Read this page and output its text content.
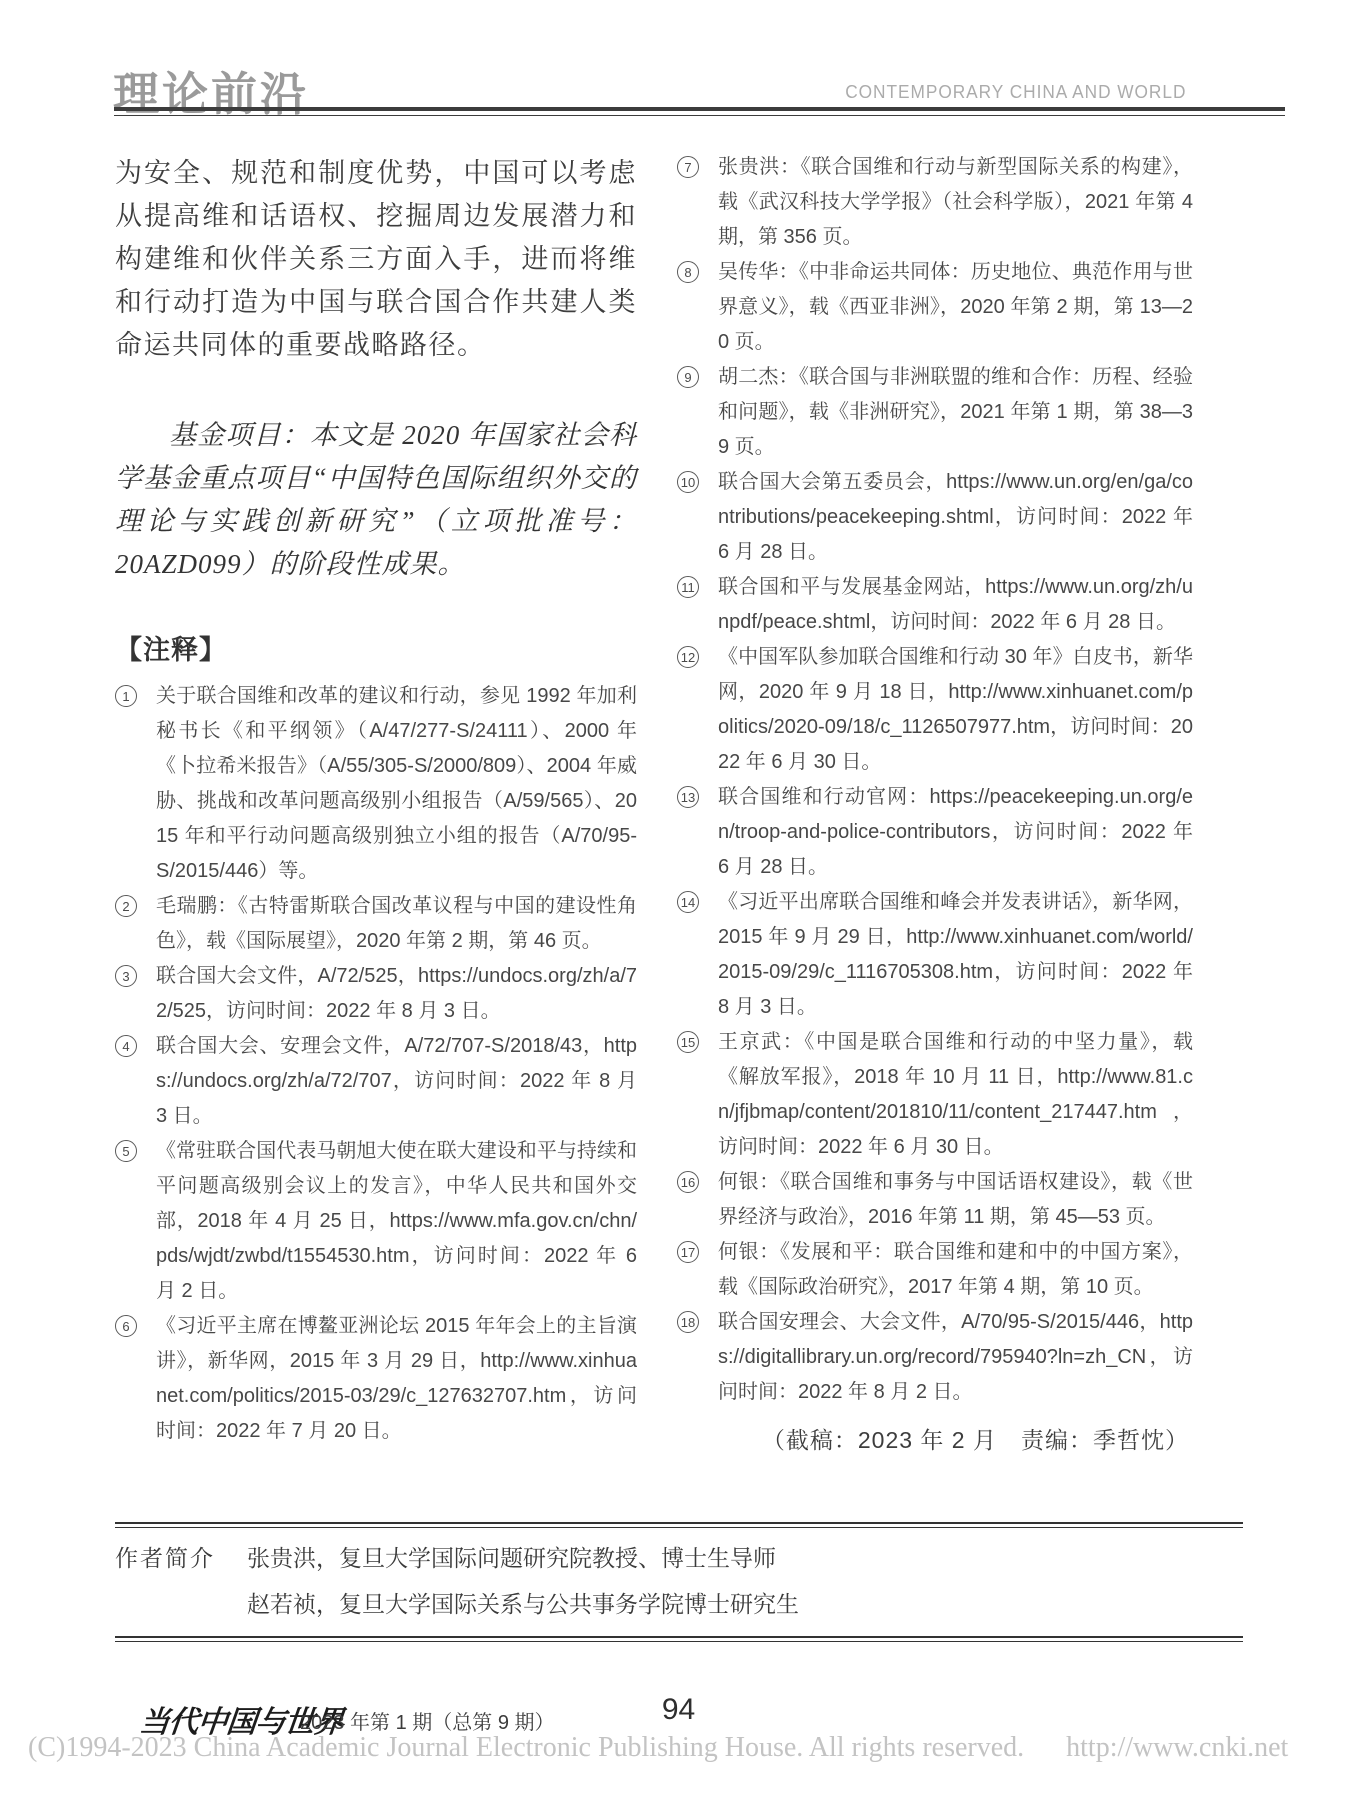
理论前沿	CONTEMPORARY CHINA AND WORLD

为安全、规范和制度优势，中国可以考虑从提高维和话语权、挖掘周边发展潜力和构建维和伙伴关系三方面入手，进而将维和行动打造为中国与联合国合作共建人类命运共同体的重要战略路径。

基金项目：本文是 2020 年国家社会科学基金重点项目“中国特色国际组织外交的理论与实践创新研究”（立项批准号：20AZD099）的阶段性成果。

【注释】
1	关于联合国维和改革的建议和行动，参见 1992 年加利秘书长《和平纲领》（A/47/277-S/24111）、2000 年《卜拉希米报告》（A/55/305-S/2000/809）、2004 年威胁、挑战和改革问题高级别小组报告（A/59/565）、2015 年和平行动问题高级别独立小组的报告（A/70/95-S/2015/446）等。
2	毛瑞鹏：《古特雷斯联合国改革议程与中国的建设性角色》，载《国际展望》，2020 年第 2 期，第 46 页。
3	联合国大会文件，A/72/525，https://undocs.org/zh/a/72/525，访问时间：2022 年 8 月 3 日。
4	联合国大会、安理会文件，A/72/707-S/2018/43，https://undocs.org/zh/a/72/707，访问时间：2022 年 8 月 3 日。
5	《常驻联合国代表马朝旭大使在联大建设和平与持续和平问题高级别会议上的发言》，中华人民共和国外交部，2018 年 4 月 25 日，https://www.mfa.gov.cn/chn/pds/wjdt/zwbd/t1554530.htm，访问时间：2022 年 6 月 2 日。
6	《习近平主席在博鳌亚洲论坛 2015 年年会上的主旨演讲》，新华网，2015 年 3 月 29 日，http://www.xinhuanet.com/politics/2015-03/29/c_127632707.htm，访问时间：2022 年 7 月 20 日。
7	张贵洪：《联合国维和行动与新型国际关系的构建》，载《武汉科技大学学报》（社会科学版），2021 年第 4 期，第 356 页。
8	吴传华：《中非命运共同体：历史地位、典范作用与世界意义》，载《西亚非洲》，2020 年第 2 期，第 13—20 页。
9	胡二杰：《联合国与非洲联盟的维和合作：历程、经验和问题》，载《非洲研究》，2021 年第 1 期，第 38—39 页。
10 联合国大会第五委员会，https://www.un.org/en/ga/contributions/peacekeeping.shtml，访问时间：2022 年 6 月 28 日。
11 联合国和平与发展基金网站，https://www.un.org/zh/unpdf/peace.shtml，访问时间：2022 年 6 月 28 日。
12 《中国军队参加联合国维和行动 30 年》白皮书，新华网，2020 年 9 月 18 日，http://www.xinhuanet.com/politics/2020-09/18/c_1126507977.htm，访问时间：2022 年 6 月 30 日。
13 联合国维和行动官网：https://peacekeeping.un.org/en/troop-and-police-contributors，访问时间：2022 年 6 月 28 日。
14 《习近平出席联合国维和峰会并发表讲话》，新华网，2015 年 9 月 29 日，http://www.xinhuanet.com/world/2015-09/29/c_1116705308.htm，访问时间：2022 年 8 月 3 日。
15 王京武：《中国是联合国维和行动的中坚力量》，载《解放军报》，2018 年 10 月 11 日，http://www.81.cn/jfjbmap/content/201810/11/content_217447.htm，访问时间：2022 年 6 月 30 日。
16 何银：《联合国维和事务与中国话语权建设》，载《世界经济与政治》，2016 年第 11 期，第 45—53 页。
17 何银：《发展和平：联合国维和建和中的中国方案》，载《国际政治研究》，2017 年第 4 期，第 10 页。
18 联合国安理会、大会文件，A/70/95-S/2015/446，https://digitallibrary.un.org/record/795940?ln=zh_CN，访问时间：2022 年 8 月 2 日。
（截稿：2023 年 2 月　责编：季哲忱）
作者简介	张贵洪，复旦大学国际问题研究院教授、博士生导师
赵若祯，复旦大学国际关系与公共事务学院博士研究生
当代中国与世界
2023 年第 1 期（总第 9 期）	94
(C)1994-2023 China Academic Journal Electronic Publishing House. All rights reserved. http://www.cnki.net
